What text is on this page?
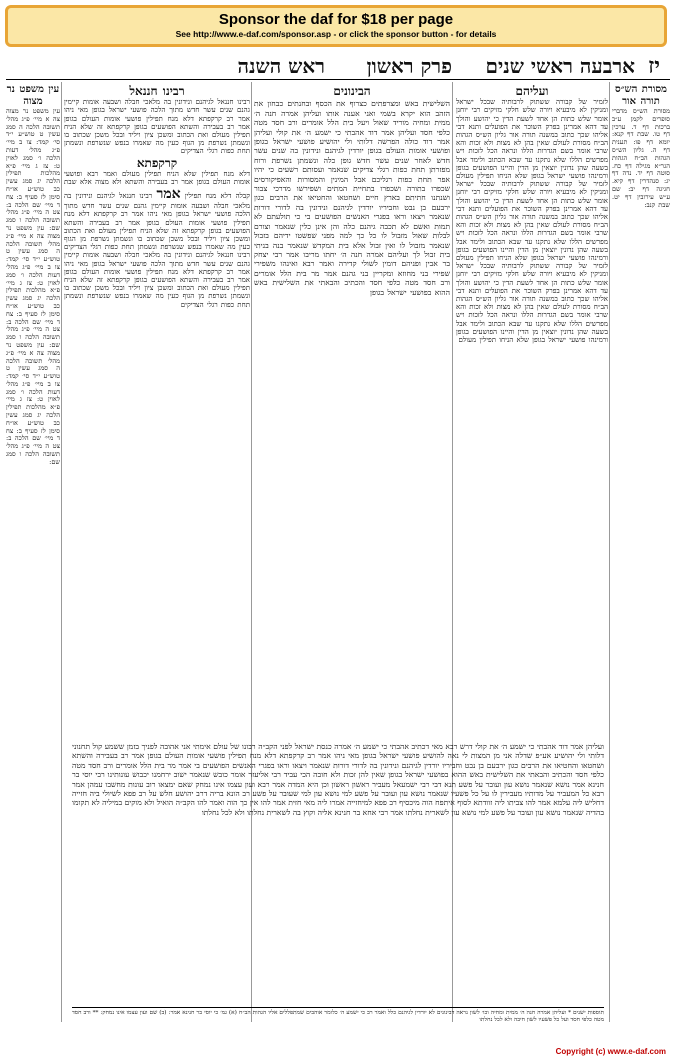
Sponsor the daf for $18 per page
See http://www.e-daf.com/sponsor.asp - or click the sponsor button - for details
יז
ארבעה ראשי שנים
פרק ראשון
ראש השנה
מסורת הש״ס
תורה אור
מסורת הש״ס מדברי סופרים לקמן ע״ב ברכות דף ד. ערכין דף טו. שבת דף קנא: יומא דף פו: תענית דף ה. גליון הש״ס הגהות הב״ח הגהות הגר״א מגילה דף כח. סוטה דף יד. נדה דף יג: סנהדרין דף קיא. חגיגה דף יב: שם ע״ש עירובין דף יט. שבת קנב:
ועליהם
לזמיר של קבורה ששתוק לרבותיה שבכל ישראל ומניקין לא מיבעיא ויורה שלש חלקי מזיקים רבי יוחנן אומר שלש כתות הן אחד לשעת הדין כי יהושע והולך עד דהא אמרינן בפרק השוכר את הפועלים ותנא דבי אליהו שכך כתוב במשנה תורה אור גליון הש״ס הגהות הב״ח מסורת לעולם שאין בהן לא מצות ולא זכות והא שרבי אומר בשם הגדרות הללו ונראה הכל לזכות ויש מפרשים הללו שלא נתקנו עד שבא הכתוב ולימד אבל בשעה שהן נדונין יוצאין מן הדין והיינו הפושעים בגופן ורמינהו פושעי ישראל בגופן שלא הניחו תפילין מעולם לזמיר של קבורה ששתוק לרבותיה שבכל ישראל ומניקין לא מיבעיא ויורה שלש חלקי מזיקים רבי יוחנן אומר שלש כתות הן אחד לשעת הדין כי יהושע והולך עד דהא אמרינן בפרק השוכר את הפועלים ותנא דבי אליהו שכך כתוב במשנה תורה אור גליון הש״ס הגהות הב״ח מסורת לעולם שאין בהן לא מצות ולא זכות והא שרבי אומר בשם הגדרות הללו ונראה הכל לזכות ויש מפרשים הללו שלא נתקנו עד שבא הכתוב ולימד אבל בשעה שהן נדונין יוצאין מן הדין והיינו הפושעים בגופן ורמינהו פושעי ישראל בגופן שלא הניחו תפילין מעולם לזמיר של קבורה ששתוק לרבותיה שבכל ישראל ומניקין לא מיבעיא ויורה שלש חלקי מזיקים רבי יוחנן אומר שלש כתות הן אחד לשעת הדין כי יהושע והולך עד דהא אמרינן בפרק השוכר את הפועלים ותנא דבי אליהו שכך כתוב במשנה תורה אור גליון הש״ס הגהות הב״ח מסורת לעולם שאין בהן לא מצות ולא זכות והא שרבי אומר בשם הגדרות הללו ונראה הכל לזכות ויש מפרשים הללו שלא נתקנו עד שבא הכתוב ולימד אבל בשעה שהן נדונין יוצאין מן הדין והיינו הפושעים בגופן ורמינהו פושעי ישראל בגופן שלא הניחו תפילין מעולם
הבינונים
השלישית באש ומצרפתים כצרוף את הכסף ובחנתים כבחון את הזהב הוא יקרא בשמי ואני אענה אותו ועליהן אמרה חנה ה׳ ממית ומחיה מוריד שאול ויעל בית הלל אומרים ורב חסד מטה כלפי חסד ועליהן אמר דוד אהבתי כי ישמע ה׳ את קולי ועליהן אמר דוד כולה הפרשה דלותי ולי יהושיע פושעי ישראל בגופן ופושעי אומות העולם בגופן יורדין לגיהנם ונידונין בה שנים עשר חדש לאחר שנים עשר חדש גופן כלה ונשמתן נשרפת ורוח מפזרתן תחת כפות רגלי צדיקים שנאמר ועסותם רשעים כי יהיו אפר תחת כפות רגליכם אבל המינין והמסורות והאפיקורסים שכפרו בתורה ושכפרו בתחיית המתים ושפירשו מדרכי צבור ושנתנו חתיתם בארץ חיים ושחטאו והחטיאו את הרבים כגון ירבעם בן נבט וחביריו יורדין לגיהנם ונידונין בה לדורי דורות שנאמר ויצאו וראו בפגרי האנשים הפושעים בי כי תולעתם לא תמות ואשם לא תכבה גיהנם כלה והן אינן כלין שנאמר וצורם לבלות שאול מזבול לו כל כך למה מפני שפשטו ידיהם בזבול שנאמר מזבול לו ואין זבול אלא בית המקדש שנאמר בנה בניתי בית זבול לך ועליהם אמרה חנה ה׳ יחתו מריבו אמר רבי יצחק בר אבין ופניהם דומין לשולי קדירה ואמר רבא ואינהו משפירי שפירי בני מחוזא ומקריין בני גהנם אמר מר בית הלל אומרים ורב חסד מטה כלפי חסד והכתיב והבאתי את השלישית באש ההוא בפושעי ישראל בגופן
רבינו חננאל
רבינו חננאל לגיהנם ונידונין בה מלאכי חבלה ושבעה אומות קיימין גהנם שנים עשר חדש מתוך הלכה פושעי ישראל בגופן מאי ניהו אמר רב קרקפתא דלא מנח תפילין פושעי אומות העולם בגופן אמר רב בעבירה והשתא הפושעים בגופן קרקפתא זה שלא הניח תפילין מעולם ואת הכתוב ומשכן ציון ויליד ובכל משכן שכתוב בו ונשמתן נשרפת מן הגוף כעין מה שאמרו בנפש שנשרפת ונשמתן תחת כפות רגלי הצדיקים
קרקפתא
דלא מנח תפילין שלא הניח תפילין מעולם ואמר רבא ופושעי אומות העולם בגופן אמר רב בעבירה והשתא ולא מצוה אלא שבת קבלה דלא מנח תפילין אמר רבינו חננאל לגיהנם ונידונין בה מלאכי חבלה ושבעה אומות קיימין גהנם שנים עשר חדש מתוך הלכה פושעי ישראל בגופן מאי ניהו אמר רב קרקפתא דלא מנח תפילין פושעי אומות העולם בגופן אמר רב בעבירה והשתא הפושעים בגופן קרקפתא זה שלא הניח תפילין מעולם ואת הכתוב ומשכן ציון ויליד ובכל משכן שכתוב בו ונשמתן נשרפת מן הגוף כעין מה שאמרו בנפש שנשרפת ונשמתן תחת כפות רגלי הצדיקים רבינו חננאל לגיהנם ונידונין בה מלאכי חבלה ושבעה אומות קיימין גהנם שנים עשר חדש מתוך הלכה פושעי ישראל בגופן מאי ניהו אמר רב קרקפתא דלא מנח תפילין פושעי אומות העולם בגופן אמר רב בעבירה והשתא הפושעים בגופן קרקפתא זה שלא הניח תפילין מעולם ואת הכתוב ומשכן ציון ויליד ובכל משכן שכתוב בו ונשמתן נשרפת מן הגוף כעין מה שאמרו בנפש שנשרפת ונשמתן תחת כפות רגלי הצדיקים
עין משפט נר מצוה
עין משפט נר מצוה צה א מיי׳ פ״ג מהל׳ תשובה הלכה ה סמג עשין ט טוש״ע י״ד סי׳ קמד: צו ב מיי׳ פ״ג מהל׳ דעות הלכה ו׳ סמג לאוין ט: צז ג מיי׳ פ״א מהלכות תפילין הלכה יג סמג עשין כב טוש״ע או״ח סימן לז סעיף ב: צח ד מיי׳ שם הלכה ב: צט ה מיי׳ פ״ג מהל׳ תשובה הלכה ו סמג שם: עין משפט נר מצוה צה א מיי׳ פ״ג מהל׳ תשובה הלכה ה סמג עשין ט טוש״ע י״ד סי׳ קמד: צו ב מיי׳ פ״ג מהל׳ דעות הלכה ו׳ סמג לאוין ט: צז ג מיי׳ פ״א מהלכות תפילין הלכה יג סמג עשין כב טוש״ע או״ח סימן לז סעיף ב: צח ד מיי׳ שם הלכה ב: צט ה מיי׳ פ״ג מהל׳ תשובה הלכה ו סמג שם: עין משפט נר מצוה צה א מיי׳ פ״ג מהל׳ תשובה הלכה ה סמג עשין ט טוש״ע י״ד סי׳ קמד: צו ב מיי׳ פ״ג מהל׳ דעות הלכה ו׳ סמג לאוין ט: צז ג מיי׳ פ״א מהלכות תפילין הלכה יג סמג עשין כב טוש״ע או״ח סימן לז סעיף ב: צח ד מיי׳ שם הלכה ב: צט ה מיי׳ פ״ג מהל׳ תשובה הלכה ו סמג שם:
ועליהן אמר דוד אהבתי כי ישמע ה׳ את קולי דרש רבא מאי דכתיב אהבתי כי ישמע ה׳ אמרה כנסת ישראל לפני הקב״ה רבונו של עולם אימתי אני אהובה לפניך בזמן ששמע קול תחנוני דלותי ולי יהושיע אע״פ שדלה אני מן המצות לי נאה להושיע פושעי ישראל בגופן מאי ניהו אמר רב קרקפתא דלא מנח תפילין פושעי אומות העולם בגופן אמר רב בעבירה והשתא ושחטאו והחטיאו את הרבים כגון ירבעם בן נבט וחביריו יורדין לגיהנם ונידונין בה לדורי דורות שנאמר ויצאו וראו בפגרי האנשים הפושעים בי אמר מר בית הלל אומרים ורב חסד מטה כלפי חסד והכתיב והבאתי את השלישית באש ההוא בפושעי ישראל בגופן שאין להן זכות ולא חובה הכי עביד רבי אליעזר אומר כובש שנאמר ישוב ירחמנו יכבוש עונותינו רבי יוסי בר חנינא אמר נושא שנאמר נושא עון ועובר על פשע תנא דבי רבי ישמעאל מעביר ראשון ראשון וכן היא המדה אמר רבא ועון עצמו אינו נמחק שאם ימצאו רוב עונות מחשבו עמהן אמר רבא כל המעביר על מדותיו מעבירין לו על כל פשעיו שנאמר נושא עון ועובר על פשע למי נושא עון למי שעובר על פשע רב הונא בריה דרב יהושע חלש על רב פפא לשיולי ביה חזייה דחליש ליה עלמא אמר להו צביתו ליה זוודתא לסוף איתפח הוה מיכסיף רב פפא למיחזייה אמרו ליה מאי חזית אמר להו אין כך הוה ואמר להו הקב״ה הואיל ולא מוקים במיליה לא תקומו בהדיה שנאמר נושא עון ועובר על פשע למי נושא עון לשארית נחלתו אמר רבי אחא בר חנינא אליה וקוץ בה לשארית נחלתו ולא לכל נחלתו
תוספות ישנים * ועליהן אמרה חנה ה׳ ממית ומחיה וכו׳ לשון נראה דבינונים לא יורדין לגיהנם כלל ואמר רב כי ישמע ה׳ כלומר אוהבים שמתפללים אליו הגהות הב״ח (א) גמ׳ כי יוסי בר חנינא אמר: (ב) שם ועון עצמו אינו נמחק: ** ורב חסד מטה כלפי חסד ועל כל פשעיו לשון חיבה ולא לכל נחלתו
Copyright (c) www.e-daf.com
